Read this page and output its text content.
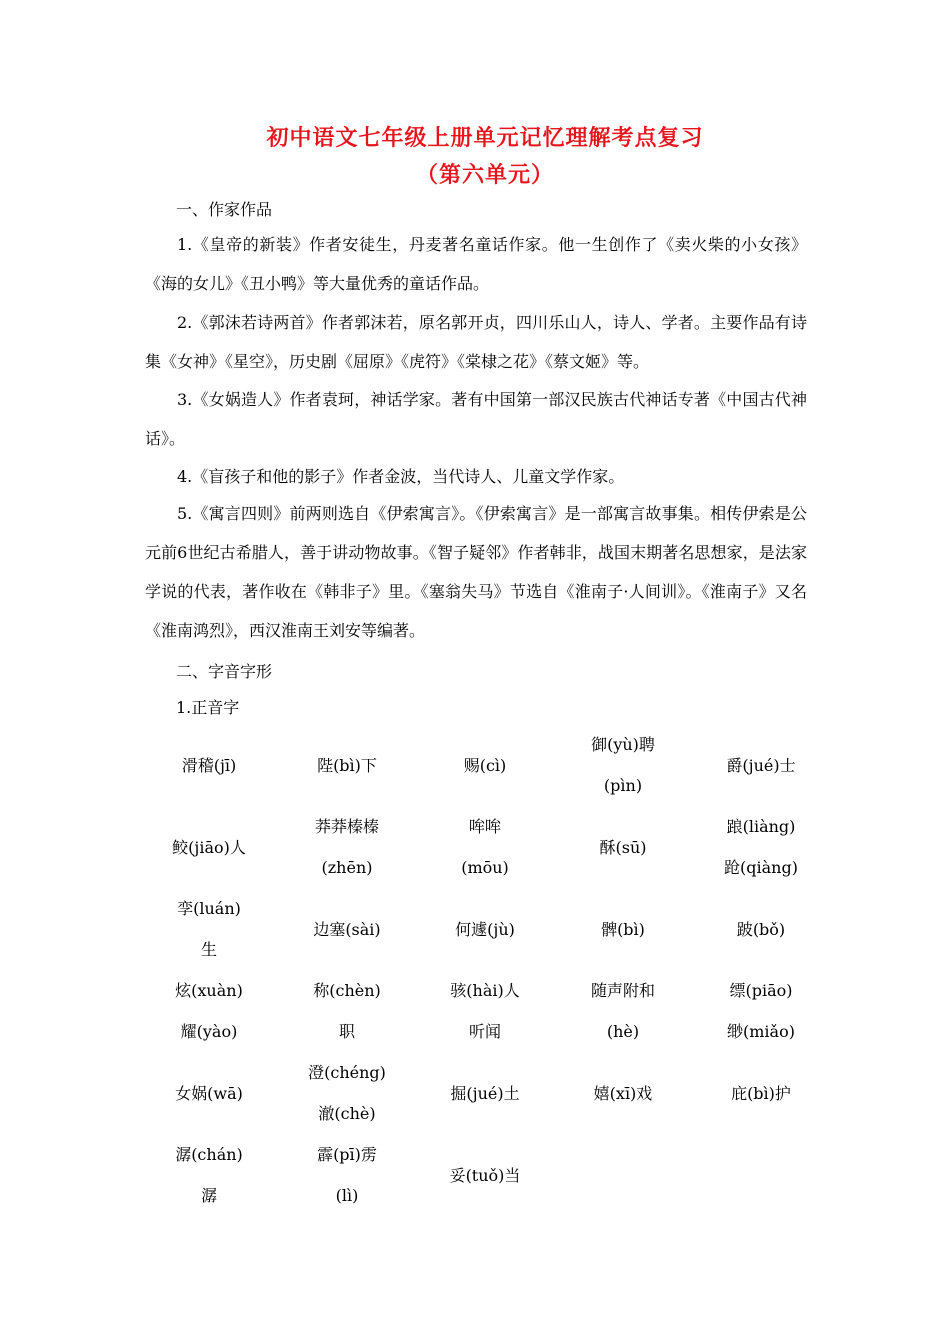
初中语文七年级上册单元记忆理解考点复习
（第六单元）
一、作家作品

1.《皇帝的新装》作者安徒生，丹麦著名童话作家。他一生创作了《卖火柴的小女孩》《海的女儿》《丑小鸭》等大量优秀的童话作品。

2.《郭沫若诗两首》作者郭沫若，原名郭开贞，四川乐山人，诗人、学者。主要作品有诗集《女神》《星空》，历史剧《屈原》《虎符》《棠棣之花》《蔡文姬》等。

3.《女娲造人》作者袁珂，神话学家。著有中国第一部汉民族古代神话专著《中国古代神话》。

4.《盲孩子和他的影子》作者金波，当代诗人、儿童文学作家。

5.《寓言四则》前两则选自《伊索寓言》。《伊索寓言》是一部寓言故事集。相传伊索是公元前6世纪古希腊人，善于讲动物故事。《智子疑邻》作者韩非，战国末期著名思想家，是法家学说的代表，著作收在《韩非子》里。《塞翁失马》节选自《淮南子·人间训》。《淮南子》又名《淮南鸿烈》，西汉淮南王刘安等编著。

二、字音字形
1.正音字
滑稽(jī)	陛(bì)下	赐(cì)	御(yù)聘(pìn)	爵(jué)士
鲛(jiāo)人	莽莽榛榛(zhēn)	哞哞(mōu)	酥(sū)	踉(liàng)跄(qiàng)
孪(luán)生	边塞(sài)	何遽(jù)	髀(bì)	跛(bǒ)
炫(xuàn)耀(yào)	称(chèn)职	骇(hài)人听闻	随声附和(hè)	缥(piāo)缈(miǎo)
女娲(wā)	澄(chéng)澈(chè)	掘(jué)土	嬉(xī)戏	庇(bì)护
潺(chán)潺	霹(pī)雳(lì)	妥(tuǒ)当		
